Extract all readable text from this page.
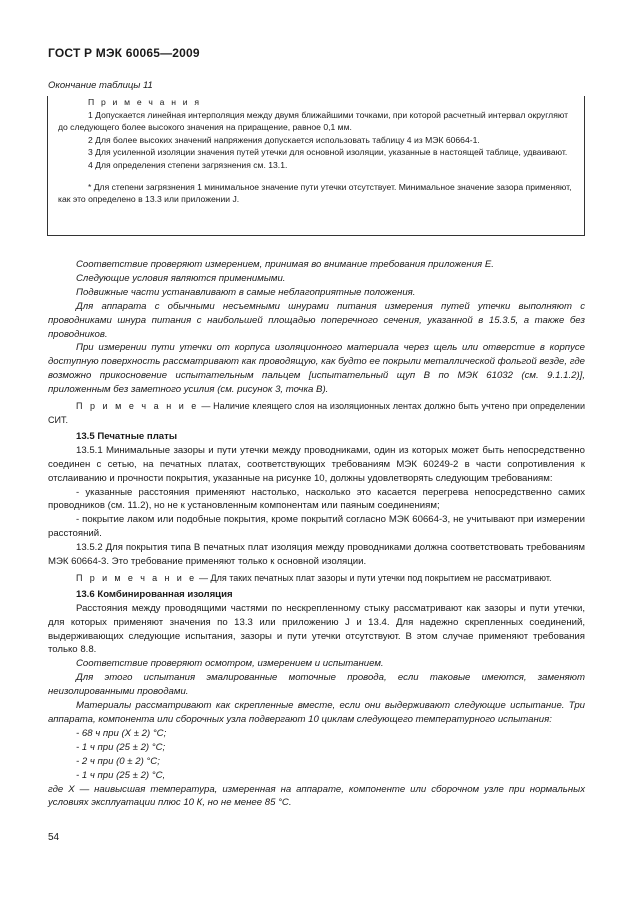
ГОСТ Р МЭК 60065—2009
Окончание таблицы 11
П р и м е ч а н и я
1 Допускается линейная интерполяция между двумя ближайшими точками, при которой расчетный интервал округляют до следующего более высокого значения на приращение, равное 0,1 мм.
2 Для более высоких значений напряжения допускается использовать таблицу 4 из МЭК 60664-1.
3 Для усиленной изоляции значения путей утечки для основной изоляции, указанные в настоящей таблице, удваивают.
4 Для определения степени загрязнения см. 13.1.
* Для степени загрязнения 1 минимальное значение пути утечки отсутствует. Минимальное значение зазора применяют, как это определено в 13.3 или приложении J.

Соответствие проверяют измерением, принимая во внимание требования приложения Е.

Следующие условия являются применимыми.

Подвижные части устанавливают в самые неблагоприятные положения.

Для аппарата с обычными несъемными шнурами питания измерения путей утечки выполняют с проводниками шнура питания с наибольшей площадью поперечного сечения, указанной в 15.3.5, а также без проводников.

При измерении пути утечки от корпуса изоляционного материала через щель или отверстие в корпусе доступную поверхность рассматривают как проводящую, как будто ее покрыли металлической фольгой везде, где возможно прикосновение испытательным пальцем [испытательный щуп В по МЭК 61032 (см. 9.1.1.2)], приложенным без заметного усилия (см. рисунок 3, точка В).

П р и м е ч а н и е — Наличие клеящего слоя на изоляционных лентах должно быть учтено при определении СИТ.

13.5 Печатные платы

13.5.1 Минимальные зазоры и пути утечки между проводниками, один из которых может быть непосредственно соединен с сетью, на печатных платах, соответствующих требованиям МЭК 60249-2 в части сопротивления к отслаиванию и прочности покрытия, указанные на рисунке 10, должны удовлетворять следующим требованиям:

- указанные расстояния применяют настолько, насколько это касается перегрева непосредственно самих проводников (см. 11.2), но не к установленным компонентам или паяным соединениям;

- покрытие лаком или подобные покрытия, кроме покрытий согласно МЭК 60664-3, не учитывают при измерении расстояний.

13.5.2 Для покрытия типа В печатных плат изоляция между проводниками должна соответствовать требованиям МЭК 60664-3. Это требование применяют только к основной изоляции.

П р и м е ч а н и е — Для таких печатных плат зазоры и пути утечки под покрытием не рассматривают.

13.6 Комбинированная изоляция

Расстояния между проводящими частями по нескрепленному стыку рассматривают как зазоры и пути утечки, для которых применяют значения по 13.3 или приложению J и 13.4. Для надежно скрепленных соединений, выдерживающих следующие испытания, зазоры и пути утечки отсутствуют. В этом случае применяют требования только 8.8.

Соответствие проверяют осмотром, измерением и испытанием.

Для этого испытания эмалированные моточные провода, если таковые имеются, заменяют неизолированными проводами.

Материалы рассматривают как скрепленные вместе, если они выдерживают следующие испытание. Три аппарата, компонента или сборочных узла подвергают 10 циклам следующего температурного испытания:

- 68 ч при (X ± 2) °C;

- 1 ч при (25 ± 2) °C;

- 2 ч при (0 ± 2) °C;

- 1 ч при (25 ± 2) °C,

где X — наивысшая температура, измеренная на аппарате, компоненте или сборочном узле при нормальных условиях эксплуатации плюс 10 К, но не менее 85 °C.

54
